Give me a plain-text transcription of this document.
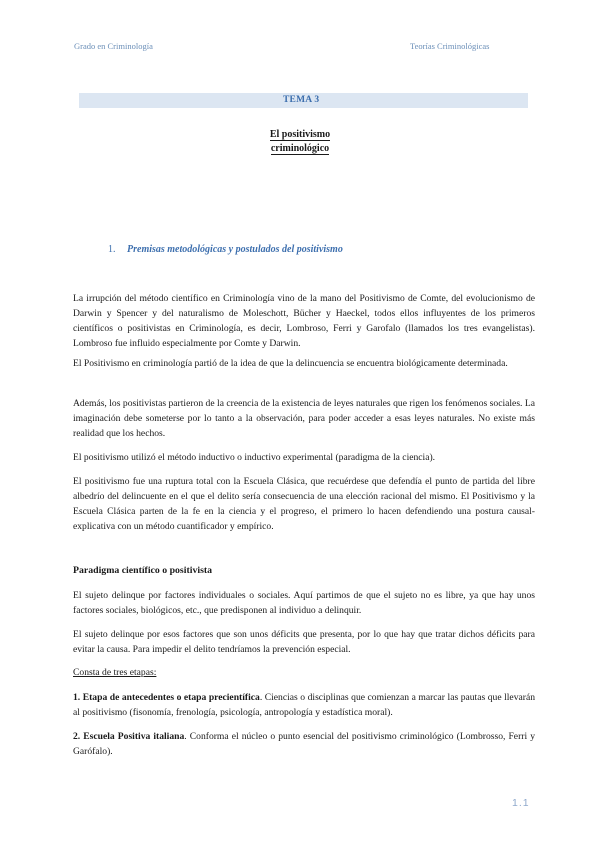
Grado en Criminología	Teorías Criminológicas
TEMA 3
El positivismo
criminológico
1. Premisas metodológicas y postulados del positivismo

La irrupción del método científico en Criminología vino de la mano del Positivismo de Comte, del evolucionismo de Darwin y Spencer y del naturalismo de Moleschott, Bücher y Haeckel, todos ellos influyentes de los primeros científicos o positivistas en Criminología, es decir, Lombroso, Ferri y Garofalo (llamados los tres evangelistas). Lombroso fue influido especialmente por Comte y Darwin.

El Positivismo en criminología partió de la idea de que la delincuencia se encuentra biológicamente determinada.

Además, los positivistas partieron de la creencia de la existencia de leyes naturales que rigen los fenómenos sociales. La imaginación debe someterse por lo tanto a la observación, para poder acceder a esas leyes naturales. No existe más realidad que los hechos.

El positivismo utilizó el método inductivo o inductivo experimental (paradigma de la ciencia).

El positivismo fue una ruptura total con la Escuela Clásica, que recuérdese que defendía el punto de partida del libre albedrío del delincuente en el que el delito sería consecuencia de una elección racional del mismo. El Positivismo y la Escuela Clásica parten de la fe en la ciencia y el progreso, el primero lo hacen defendiendo una postura causal-explicativa con un método cuantificador y empírico.

Paradigma científico o positivista

El sujeto delinque por factores individuales o sociales. Aquí partimos de que el sujeto no es libre, ya que hay unos factores sociales, biológicos, etc., que predisponen al individuo a delinquir.

El sujeto delinque por esos factores que son unos déficits que presenta, por lo que hay que tratar dichos déficits para evitar la causa. Para impedir el delito tendríamos la prevención especial.

Consta de tres etapas:

1. Etapa de antecedentes o etapa precientífica. Ciencias o disciplinas que comienzan a marcar las pautas que llevarán al positivismo (fisonomía, frenología, psicología, antropología y estadística moral).

2. Escuela Positiva italiana. Conforma el núcleo o punto esencial del positivismo criminológico (Lombrosso, Ferri y Garófalo).

1.1
